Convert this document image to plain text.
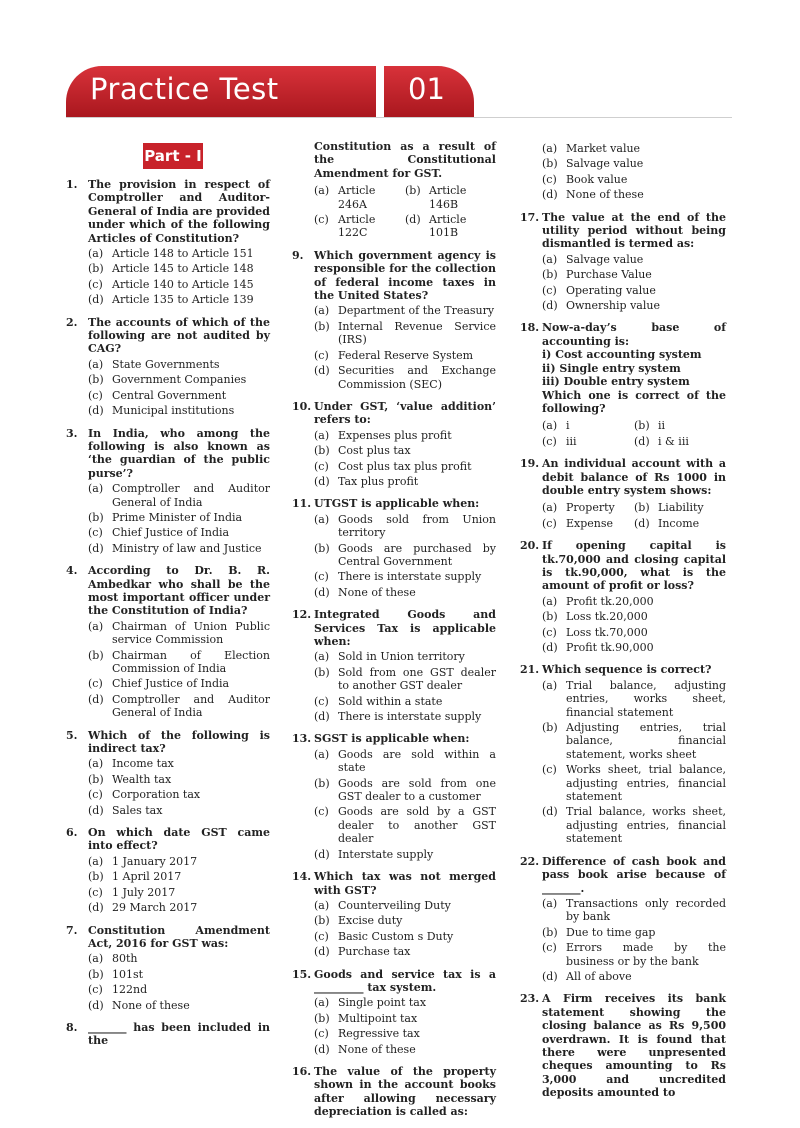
Practice Test	01
Part - I
1. The provision in respect of Comptroller and Auditor-General of India are provided under which of the following Articles of Constitution?
(a) Article 148 to Article 151
(b) Article 145 to Article 148
(c) Article 140 to Article 145
(d) Article 135 to Article 139
2. The accounts of which of the following are not audited by CAG?
(a) State Governments
(b) Government Companies
(c) Central Government
(d) Municipal institutions
3. In India, who among the following is also known as ‘the guardian of the public purse’?
(a) Comptroller and Auditor General of India
(b) Prime Minister of India
(c) Chief Justice of India
(d) Ministry of law and Justice
4. According to Dr. B. R. Ambedkar who shall be the most important officer under the Constitution of India?
(a) Chairman of Union Public service Commission
(b) Chairman of Election Commission of India
(c) Chief Justice of India
(d) Comptroller and Auditor General of India
5. Which of the following is indirect tax?
(a) Income tax
(b) Wealth tax
(c) Corporation tax
(d) Sales tax
6. On which date GST came into effect?
(a) 1 January 2017
(b) 1 April 2017
(c) 1 July 2017
(d) 29 March 2017
7. Constitution Amendment Act, 2016 for GST was:
(a) 80th
(b) 101st
(c) 122nd
(d) None of these
8. _______ has been included in the
Constitution as a result of the Constitutional Amendment for GST.
(a) Article 246A
(b) Article 146B
(c) Article 122C
(d) Article 101B
9. Which government agency is responsible for the collection of federal income taxes in the United States?
(a) Department of the Treasury
(b) Internal Revenue Service (IRS)
(c) Federal Reserve System
(d) Securities and Exchange Commission (SEC)
10. Under GST, ‘value addition’ refers to:
(a) Expenses plus profit
(b) Cost plus tax
(c) Cost plus tax plus profit
(d) Tax plus profit
11. UTGST is applicable when:
(a) Goods sold from Union territory
(b) Goods are purchased by Central Government
(c) There is interstate supply
(d) None of these
12. Integrated Goods and Services Tax is applicable when:
(a) Sold in Union territory
(b) Sold from one GST dealer to another GST dealer
(c) Sold within a state
(d) There is interstate supply
13. SGST is applicable when:
(a) Goods are sold within a state
(b) Goods are sold from one GST dealer to a customer
(c) Goods are sold by a GST dealer to another GST dealer
(d) Interstate supply
14. Which tax was not merged with GST?
(a) Counterveiling Duty
(b) Excise duty
(c) Basic Custom s Duty
(d) Purchase tax
15. Goods and service tax is a _________ tax system.
(a) Single point tax
(b) Multipoint tax
(c) Regressive tax
(d) None of these
16. The value of the property shown in the account books after allowing necessary depreciation is called as:
(a) Market value
(b) Salvage value
(c) Book value
(d) None of these
17. The value at the end of the utility period without being dismantled is termed as:
(a) Salvage value
(b) Purchase Value
(c) Operating value
(d) Ownership value
18. Now-a-day’s base of accounting is:
i) Cost accounting system
ii) Single entry system
iii) Double entry system
Which one is correct of the following?
(a) i	(b) ii
(c) iii	(d) i & iii
19. An individual account with a debit balance of Rs 1000 in double entry system shows:
(a) Property	(b) Liability
(c) Expense	(d) Income
20. If opening capital is tk.70,000 and closing capital is tk.90,000, what is the amount of profit or loss?
(a) Profit tk.20,000
(b) Loss tk.20,000
(c) Loss tk.70,000
(d) Profit tk.90,000
21. Which sequence is correct?
(a) Trial balance, adjusting entries, works sheet, financial statement
(b) Adjusting entries, trial balance, financial statement, works sheet
(c) Works sheet, trial balance, adjusting entries, financial statement
(d) Trial balance, works sheet, adjusting entries, financial statement
22. Difference of cash book and pass book arise because of _______.
(a) Transactions only recorded by bank
(b) Due to time gap
(c) Errors made by the business or by the bank
(d) All of above
23. A Firm receives its bank statement showing the closing balance as Rs 9,500 overdrawn. It is found that there were unpresented cheques amounting to Rs 3,000 and uncredited deposits amounted to
